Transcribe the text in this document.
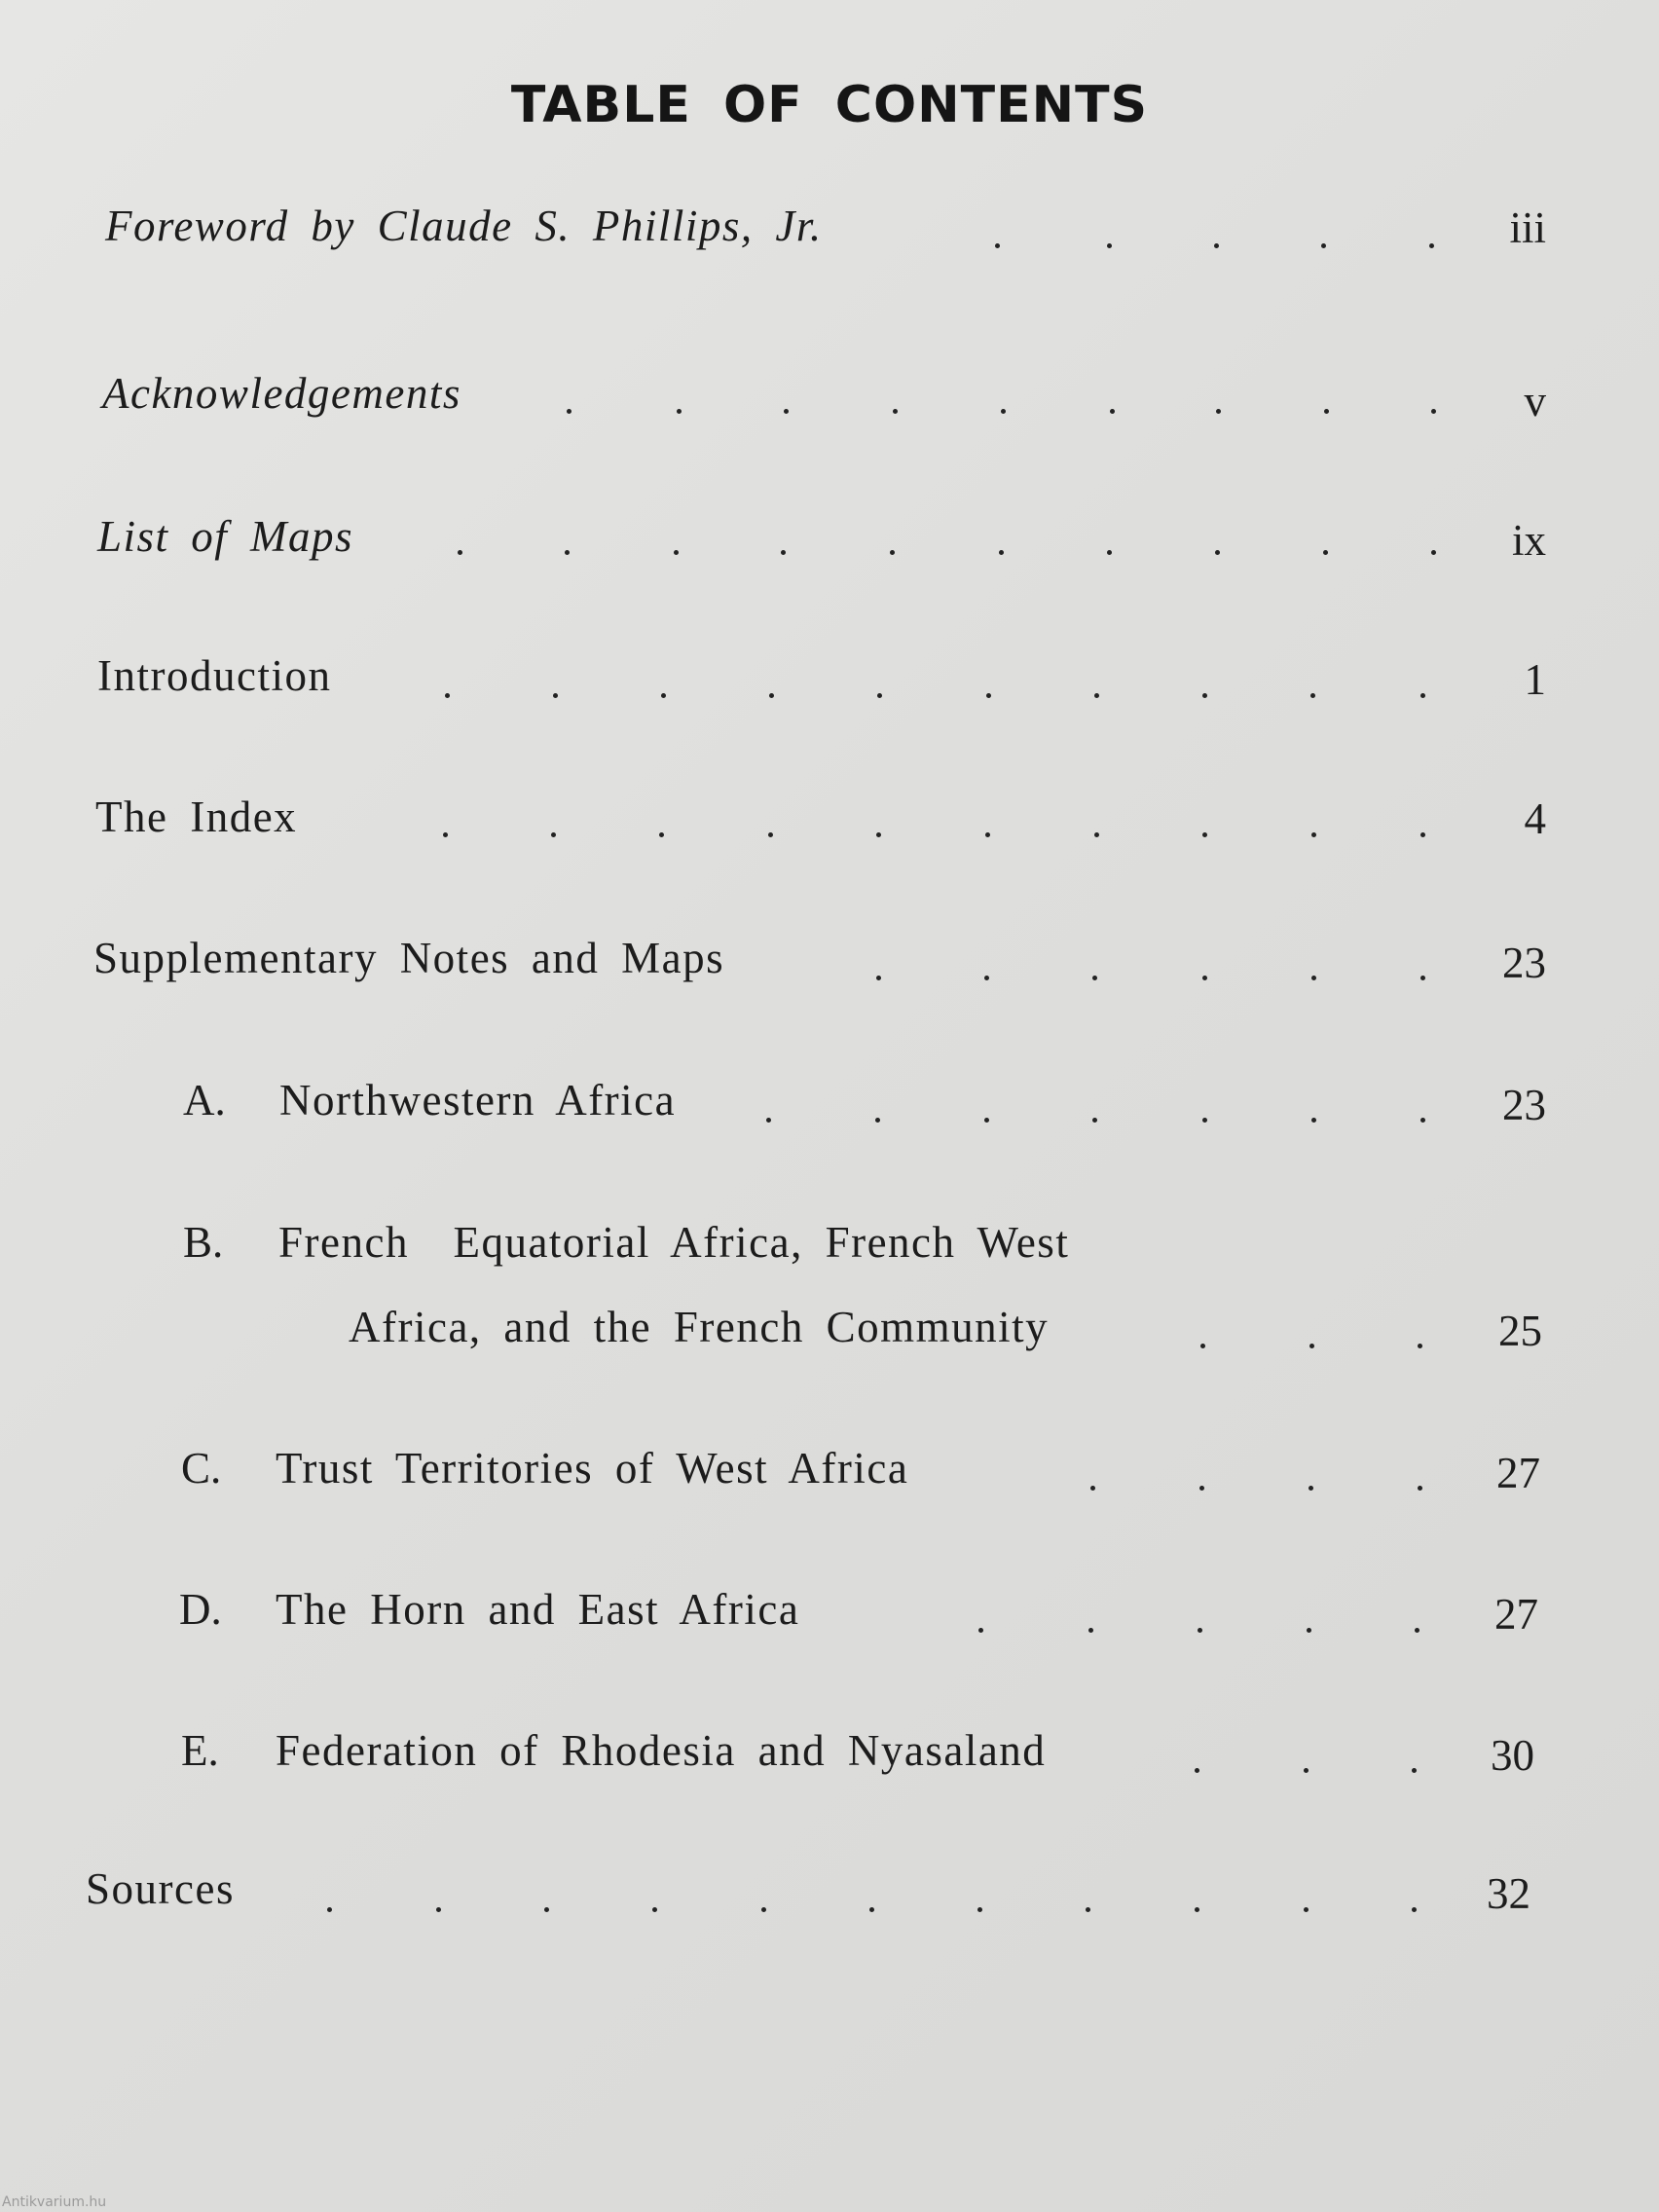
TABLE OF CONTENTS
Foreword by Claude S. Phillips, Jr.	iii
Acknowledgements	v
List of Maps	ix
Introduction	1
The Index	4
Supplementary Notes and Maps	23
A. Northwestern Africa	23
B. French  Equatorial Africa, French West
Africa, and the French Community	25
C. Trust Territories of West Africa	27
D. The Horn and East Africa	27
E. Federation of Rhodesia and Nyasaland	30
Sources	32
Antikvarium.hu
